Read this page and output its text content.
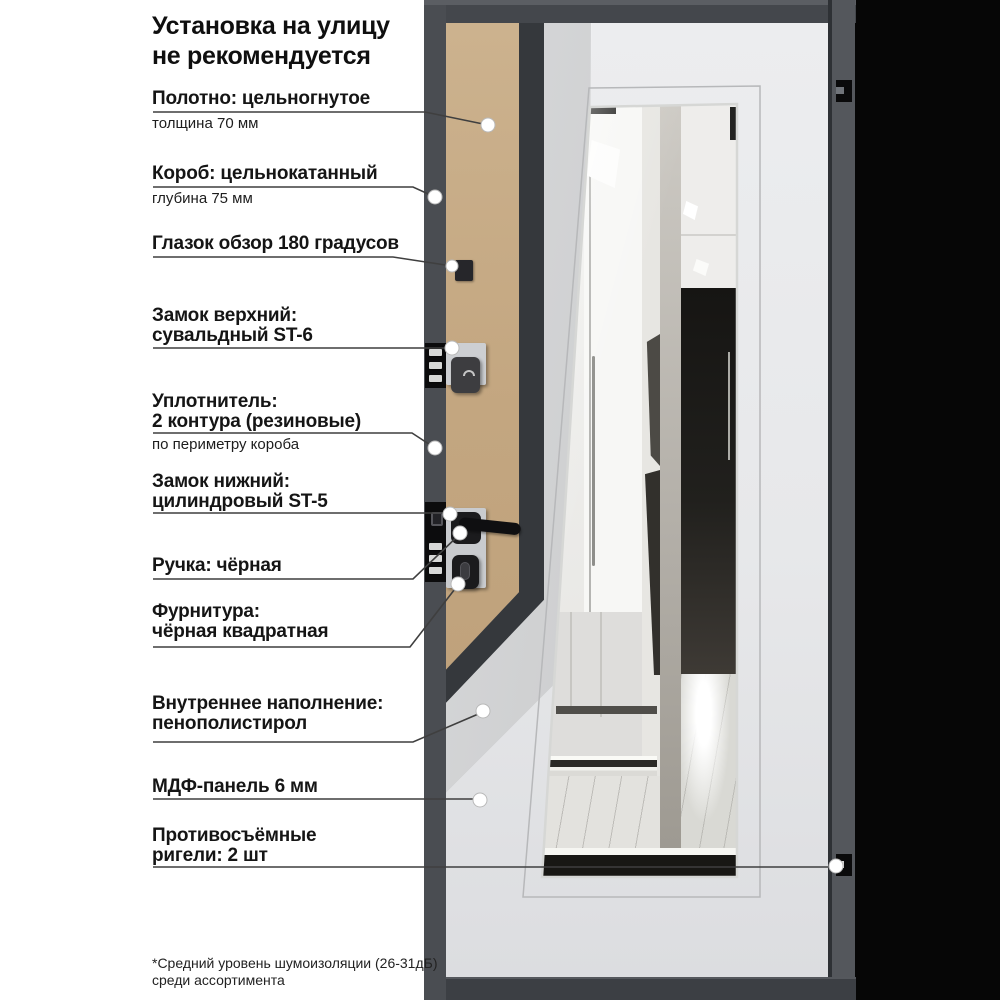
Установка на улицу
не рекомендуется
Полотно: цельногнутое
толщина 70 мм
Короб: цельнокатанный
глубина 75 мм
Глазок обзор 180 градусов
Замок верхний:
сувальдный ST-6
Уплотнитель:
2 контура (резиновые)
по периметру короба
Замок нижний:
цилиндровый ST-5
Ручка: чёрная
Фурнитура:
чёрная квадратная
Внутреннее наполнение:
пенополистирол
МДФ-панель 6 мм
Противосъёмные
ригели: 2 шт
*Средний уровень шумоизоляции (26-31дБ)
среди ассортимента
